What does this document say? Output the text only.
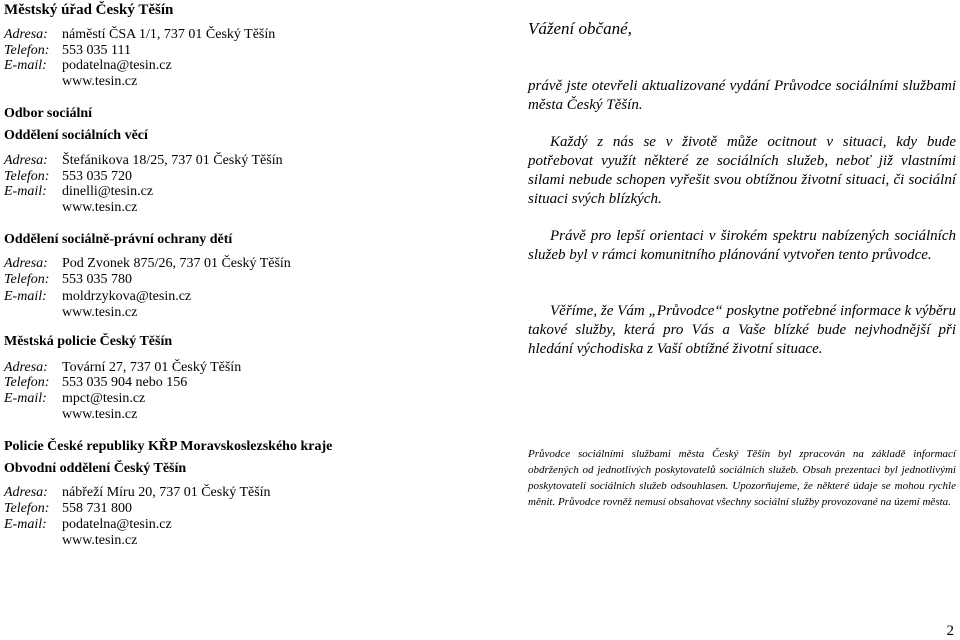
Městský úřad Český Těšín
Adresa: náměstí ČSA 1/1, 737 01 Český Těšín
Telefon: 553 035 111
E-mail: podatelna@tesin.cz
www.tesin.cz
Odbor sociální
Oddělení sociálních věcí
Adresa: Štefánikova 18/25, 737 01 Český Těšín
Telefon: 553 035 720
E-mail: dinelli@tesin.cz
www.tesin.cz
Oddělení sociálně-právní ochrany dětí
Adresa: Pod Zvonek 875/26, 737 01 Český Těšín
Telefon: 553 035 780
E-mail: moldrzykova@tesin.cz
www.tesin.cz
Městská policie Český Těšín
Adresa: Tovární 27, 737 01 Český Těšín
Telefon: 553 035 904 nebo 156
E-mail: mpct@tesin.cz
www.tesin.cz
Policie České republiky KŘP Moravskoslezského kraje
Obvodní oddělení Český Těšín
Adresa: nábřeží Míru 20, 737 01 Český Těšín
Telefon: 558 731 800
E-mail: podatelna@tesin.cz
www.tesin.cz
Vážení občané,
právě jste otevřeli aktualizované vydání Průvodce sociálními službami města Český Těšín.
Každý z nás se v životě může ocitnout v situaci, kdy bude potřebovat využít některé ze sociálních služeb, neboť již vlastními silami nebude schopen vyřešit svou obtížnou životní situaci, či sociální situaci svých blízkých.
Právě pro lepší orientaci v širokém spektru nabízených sociálních služeb byl v rámci komunitního plánování vytvořen tento průvodce.
Věříme, že Vám „Průvodce“ poskytne potřebné informace k výběru takové služby, která pro Vás a Vaše blízké bude nejvhodnější při hledání východiska z Vaší obtížné životní situace.
Průvodce sociálními službami města Český Těšín byl zpracován na základě informací obdržených od jednotlivých poskytovatelů sociálních služeb. Obsah prezentaci byl jednotlivými poskytovateli sociálních služeb odsouhlasen. Upozorňujeme, že některé údaje se mohou rychle měnit. Průvodce rovněž nemusí obsahovat všechny sociální služby provozované na území města.
2
